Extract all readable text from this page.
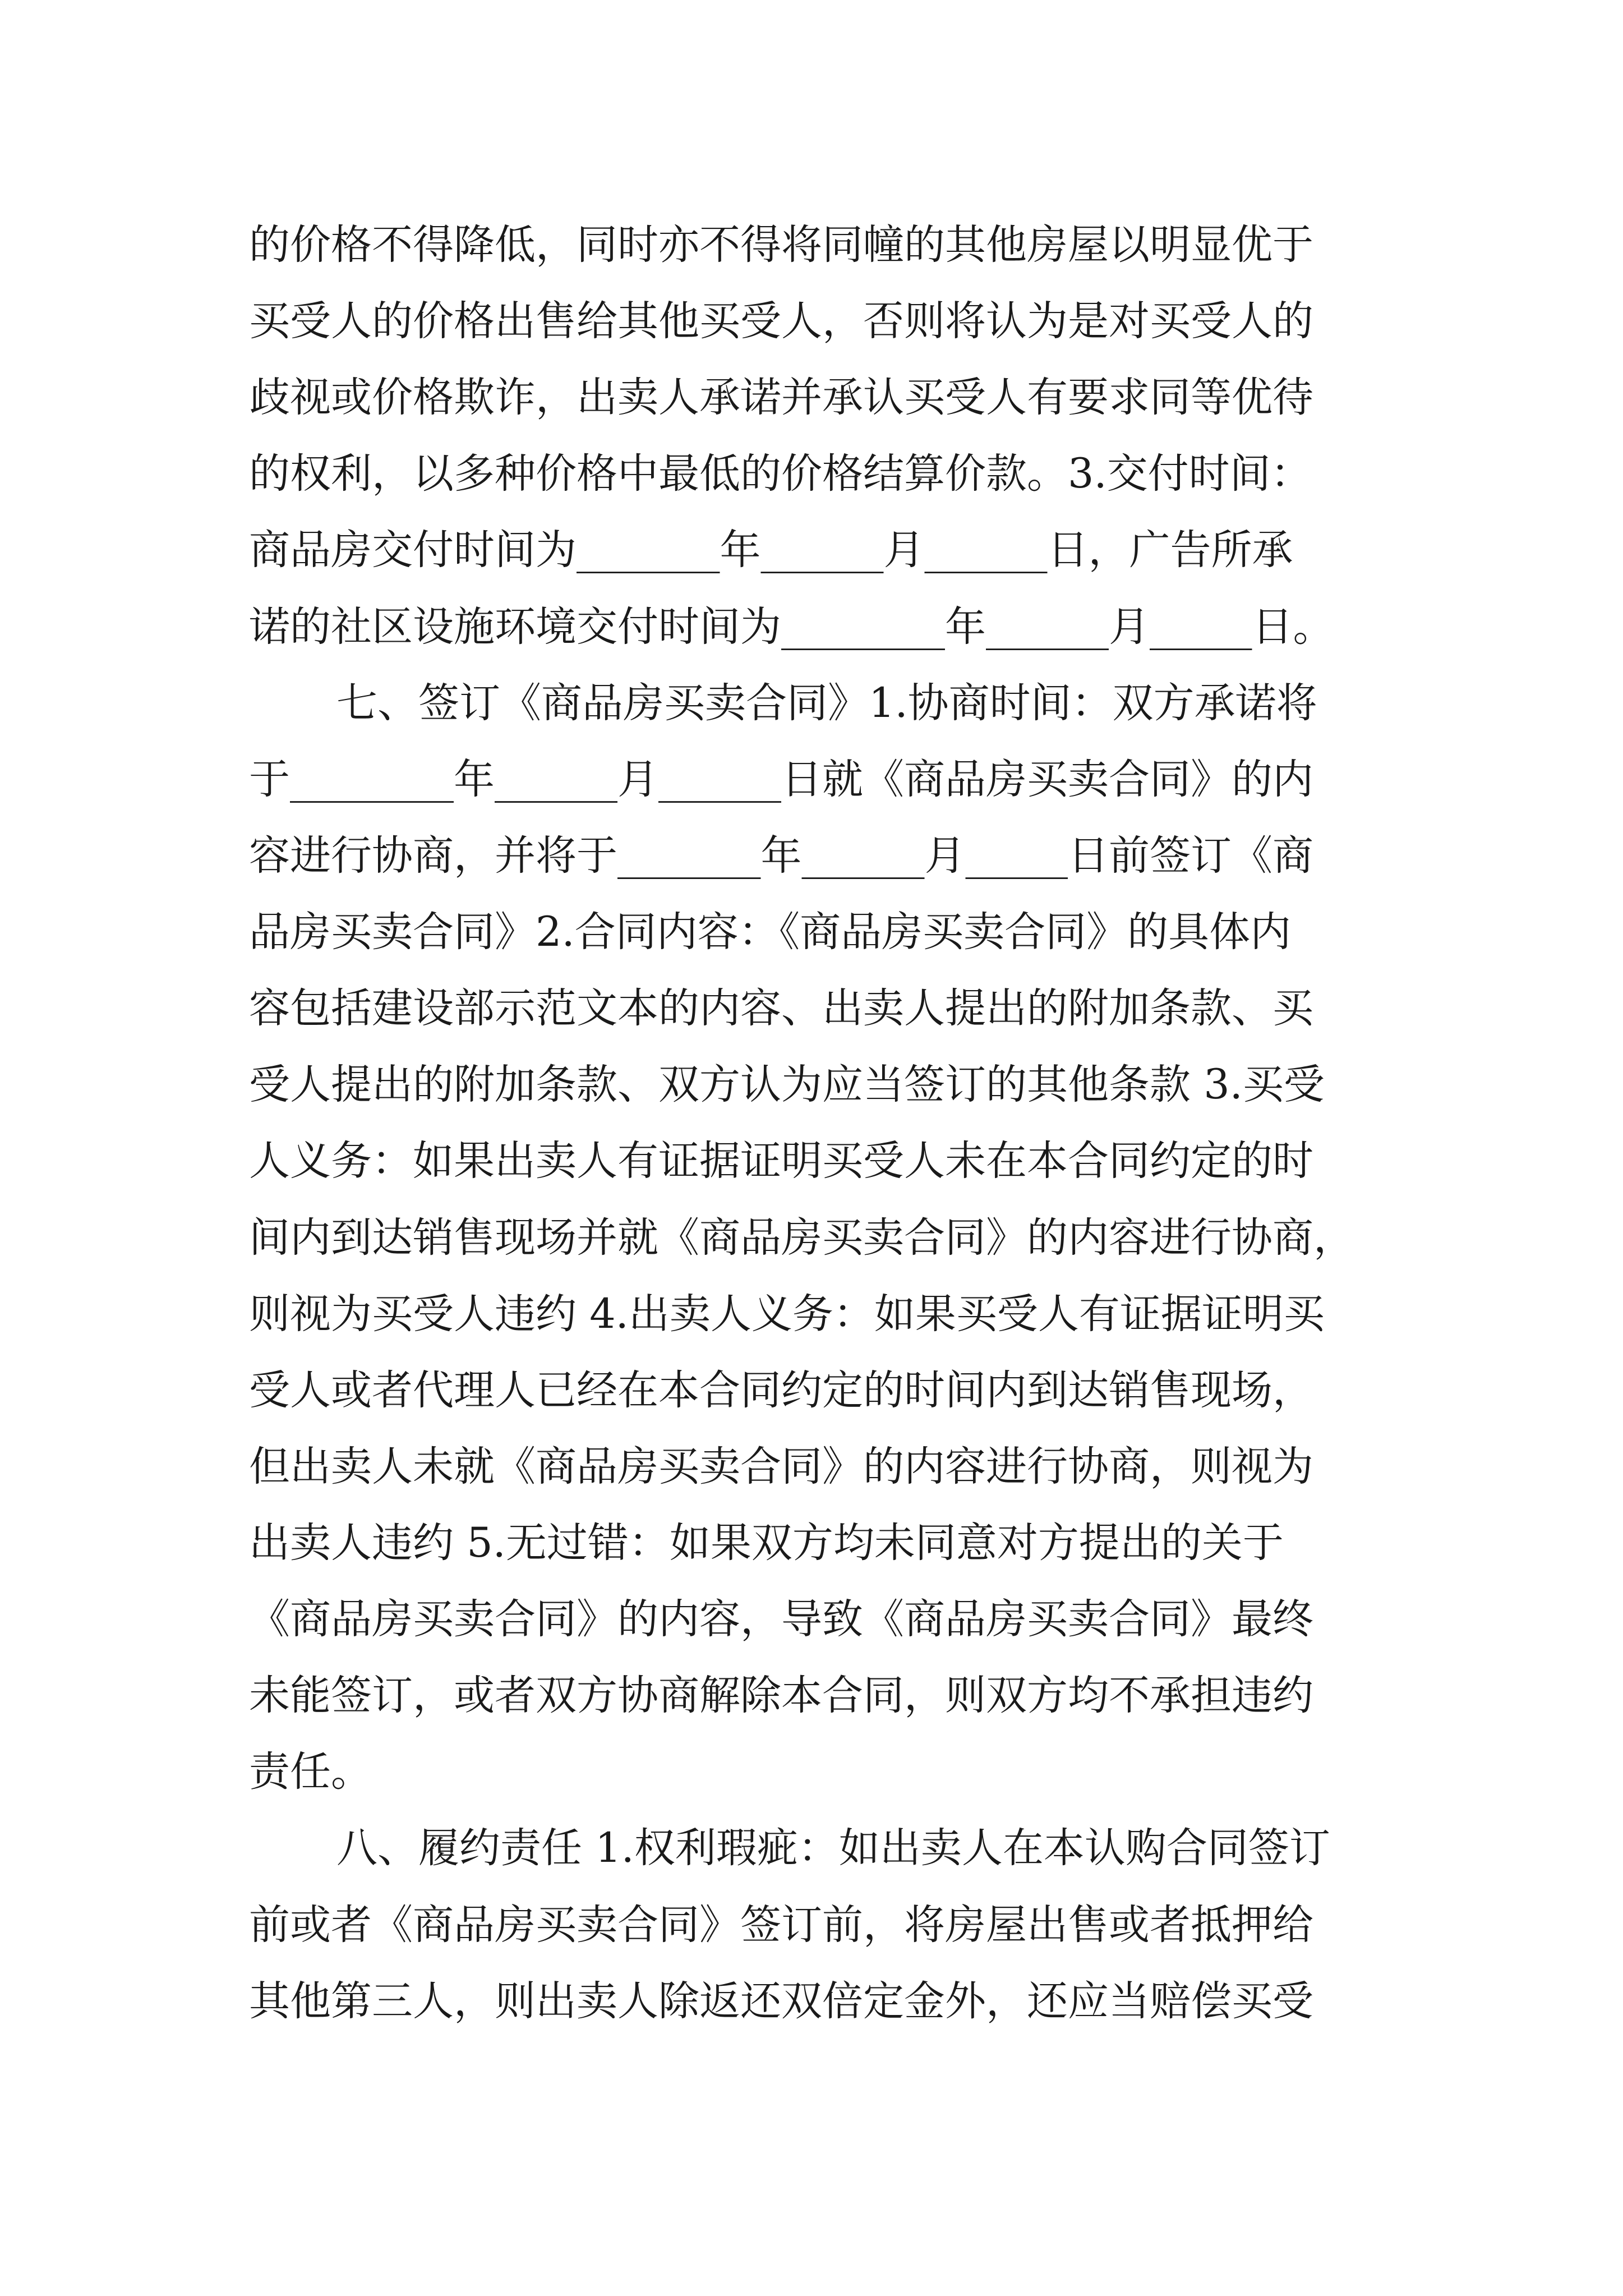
的价格不得降低，同时亦不得将同幢的其他房屋以明显优于
买受人的价格出售给其他买受人，否则将认为是对买受人的
歧视或价格欺诈，出卖人承诺并承认买受人有要求同等优待
的权利，以多种价格中最低的价格结算价款。3.交付时间：
商品房交付时间为_______年______月______日，广告所承
诺的社区设施环境交付时间为________年______月_____日。
七、签订《商品房买卖合同》1.协商时间：双方承诺将
于________年______月______日就《商品房买卖合同》的内
容进行协商，并将于_______年______月_____日前签订《商
品房买卖合同》2.合同内容：《商品房买卖合同》的具体内
容包括建设部示范文本的内容、出卖人提出的附加条款、买
受人提出的附加条款、双方认为应当签订的其他条款 3.买受
人义务：如果出卖人有证据证明买受人未在本合同约定的时
间内到达销售现场并就《商品房买卖合同》的内容进行协商，
则视为买受人违约 4.出卖人义务：如果买受人有证据证明买
受人或者代理人已经在本合同约定的时间内到达销售现场，
但出卖人未就《商品房买卖合同》的内容进行协商，则视为
出卖人违约 5.无过错：如果双方均未同意对方提出的关于
《商品房买卖合同》的内容，导致《商品房买卖合同》最终
未能签订，或者双方协商解除本合同，则双方均不承担违约
责任。
八、履约责任 1.权利瑕疵：如出卖人在本认购合同签订
前或者《商品房买卖合同》签订前，将房屋出售或者抵押给
其他第三人，则出卖人除返还双倍定金外，还应当赔偿买受
